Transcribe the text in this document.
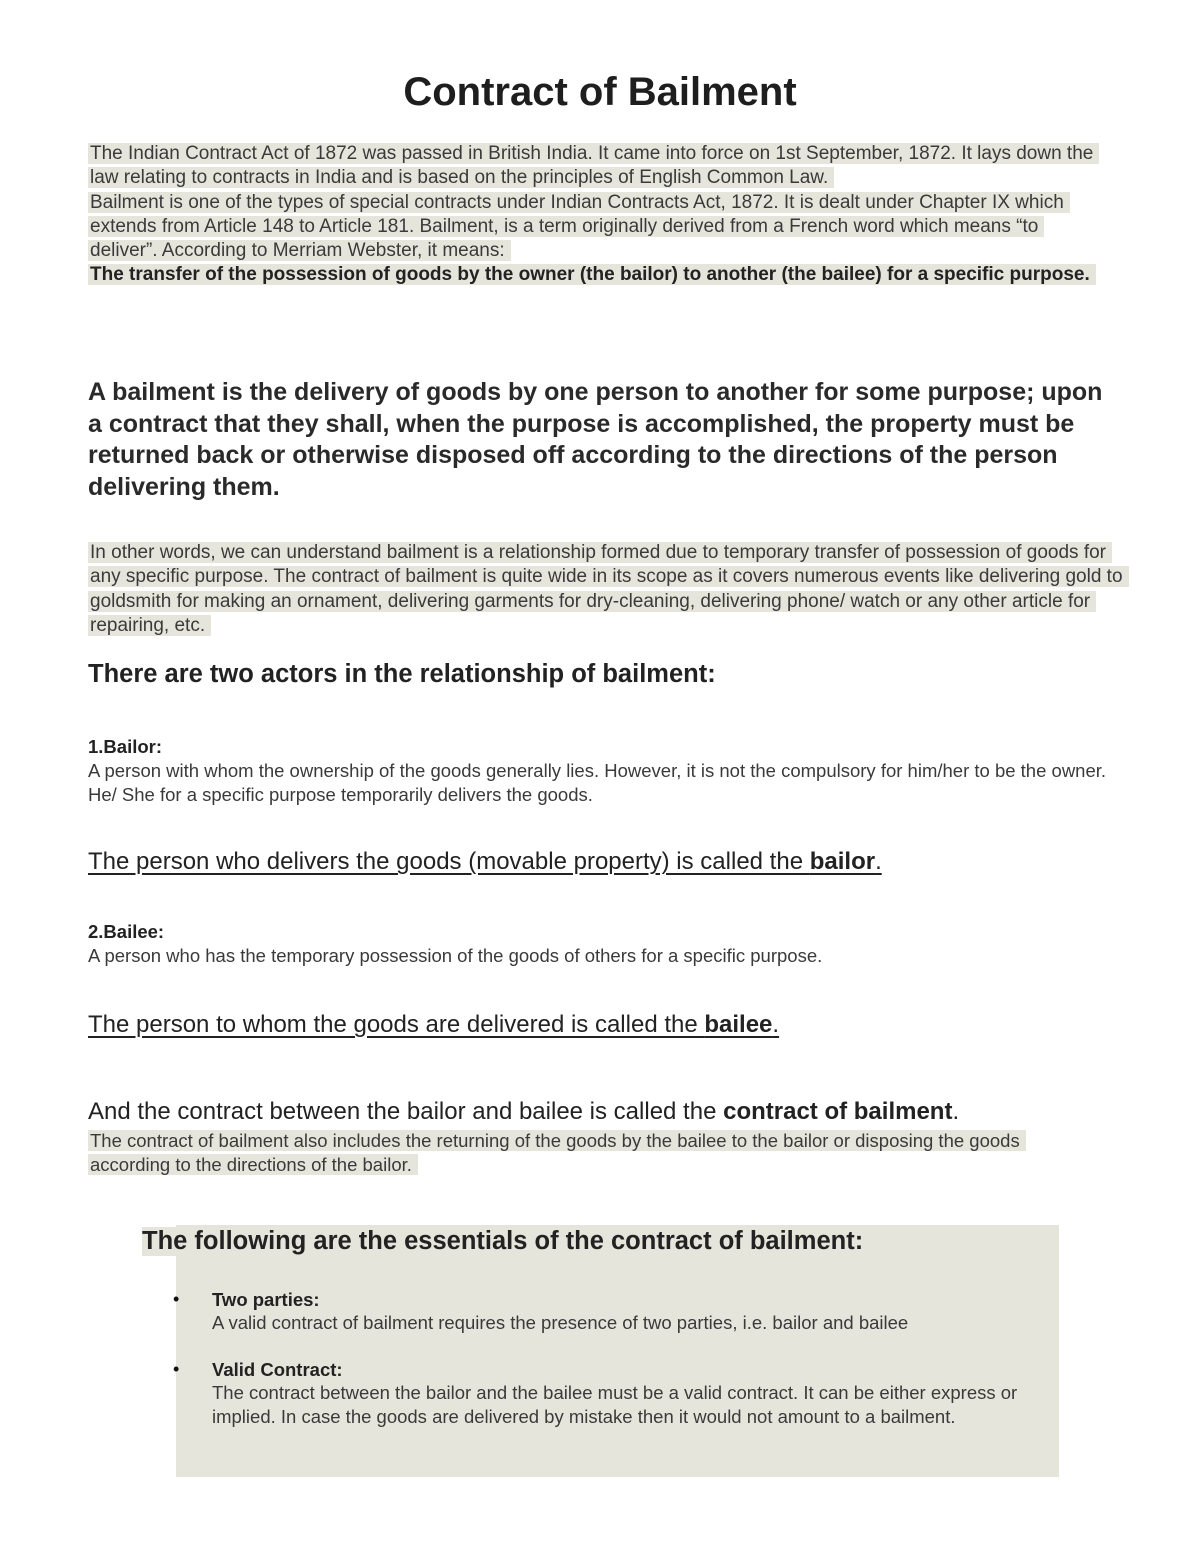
Contract of Bailment

The Indian Contract Act of 1872 was passed in British India. It came into force on 1st September, 1872. It lays down the law relating to contracts in India and is based on the principles of English Common Law.
Bailment is one of the types of special contracts under Indian Contracts Act, 1872. It is dealt under Chapter IX which extends from Article 148 to Article 181. Bailment, is a term originally derived from a French word which means “to deliver”. According to Merriam Webster, it means:
The transfer of the possession of goods by the owner (the bailor) to another (the bailee) for a specific purpose.

A bailment is the delivery of goods by one person to another for some purpose; upon a contract that they shall, when the purpose is accomplished, the property must be returned back or otherwise disposed off according to the directions of the person delivering them.

In other words, we can understand bailment is a relationship formed due to temporary transfer of possession of goods for any specific purpose. The contract of bailment is quite wide in its scope as it covers numerous events like delivering gold to goldsmith for making an ornament, delivering garments for dry-cleaning, delivering phone/ watch or any other article for repairing, etc.

There are two actors in the relationship of bailment:

1.Bailor:

A person with whom the ownership of the goods generally lies. However, it is not the compulsory for him/her to be the owner. He/ She for a specific purpose temporarily delivers the goods.

The person who delivers the goods (movable property) is called the bailor.

2.Bailee:

A person who has the temporary possession of the goods of others for a specific purpose.

The person to whom the goods are delivered is called the bailee.

And the contract between the bailor and bailee is called the contract of bailment.

The contract of bailment also includes the returning of the goods by the bailee to the bailor or disposing the goods according to the directions of the bailor.

The following are the essentials of the contract of bailment:
• Two parties:

A valid contract of bailment requires the presence of two parties, i.e. bailor and bailee

• Valid Contract:

The contract between the bailor and the bailee must be a valid contract. It can be either express or implied. In case the goods are delivered by mistake then it would not amount to a bailment.
